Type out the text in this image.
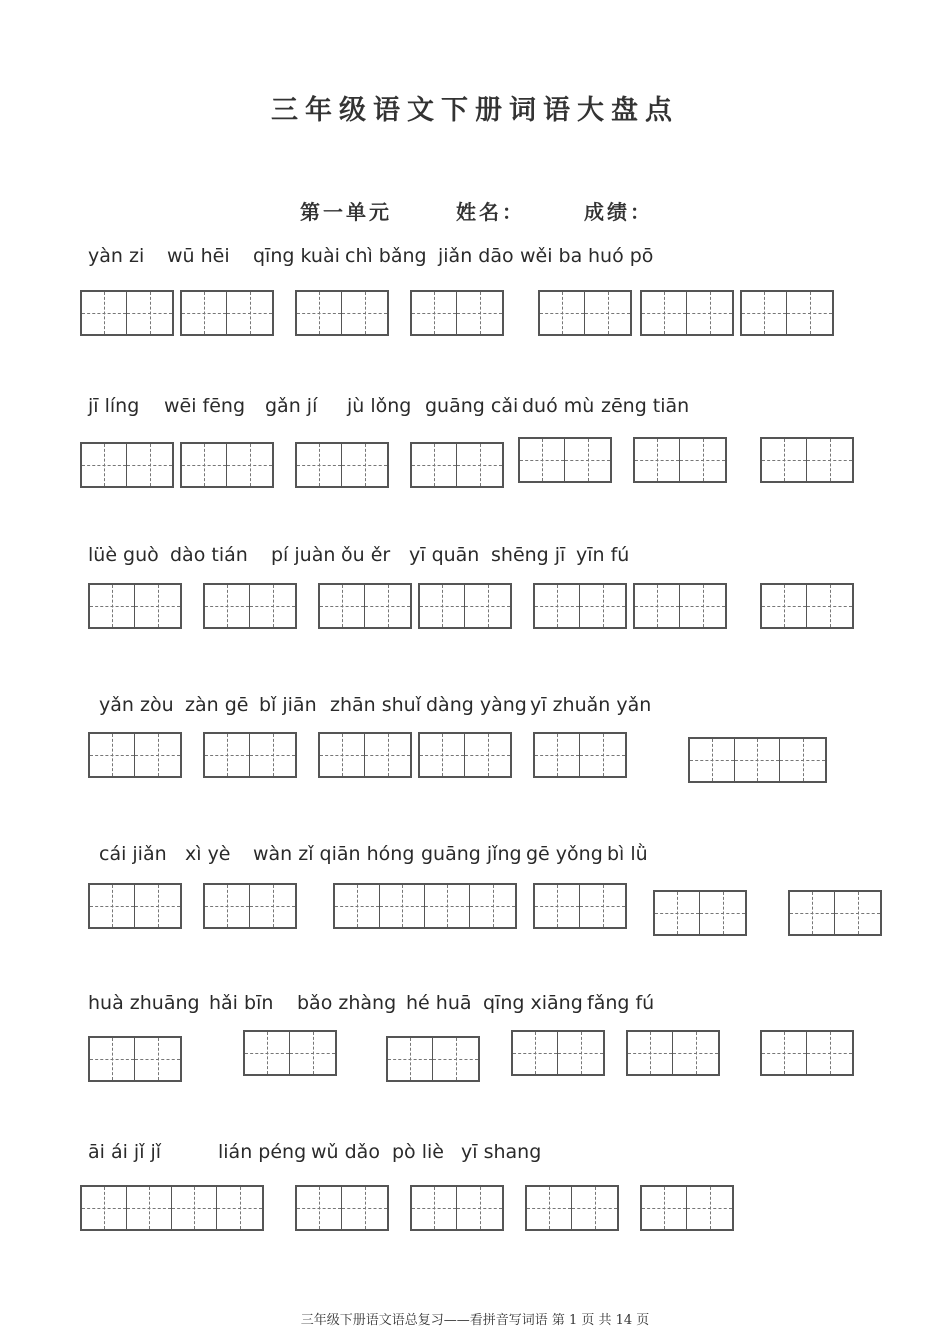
三年级语文下册词语大盘点
第一单元	姓名：	成绩：
yàn zi wū hēi qīng kuài chì bǎng jiǎn dāo wěi ba huó pō
jī líng wēi fēng gǎn jí jù lǒng guāng cǎi duó mù zēng tiān
lüè guò dào tián pí juàn ǒu ěr yī quān shēng jī yīn fú
yǎn zòu zàn gē bǐ jiān zhān shuǐ dàng yàng yī zhuǎn yǎn
cái jiǎn xì yè wàn zǐ qiān hóng guāng jǐng gē yǒng bì lǜ
huà zhuāng hǎi bīn bǎo zhàng hé huā qīng xiāng fǎng fú
āi ái jǐ jǐ	lián péng wǔ dǎo pò liè yī shang
三年级下册语文语总复习——看拼音写词语 第 1 页 共 14 页
